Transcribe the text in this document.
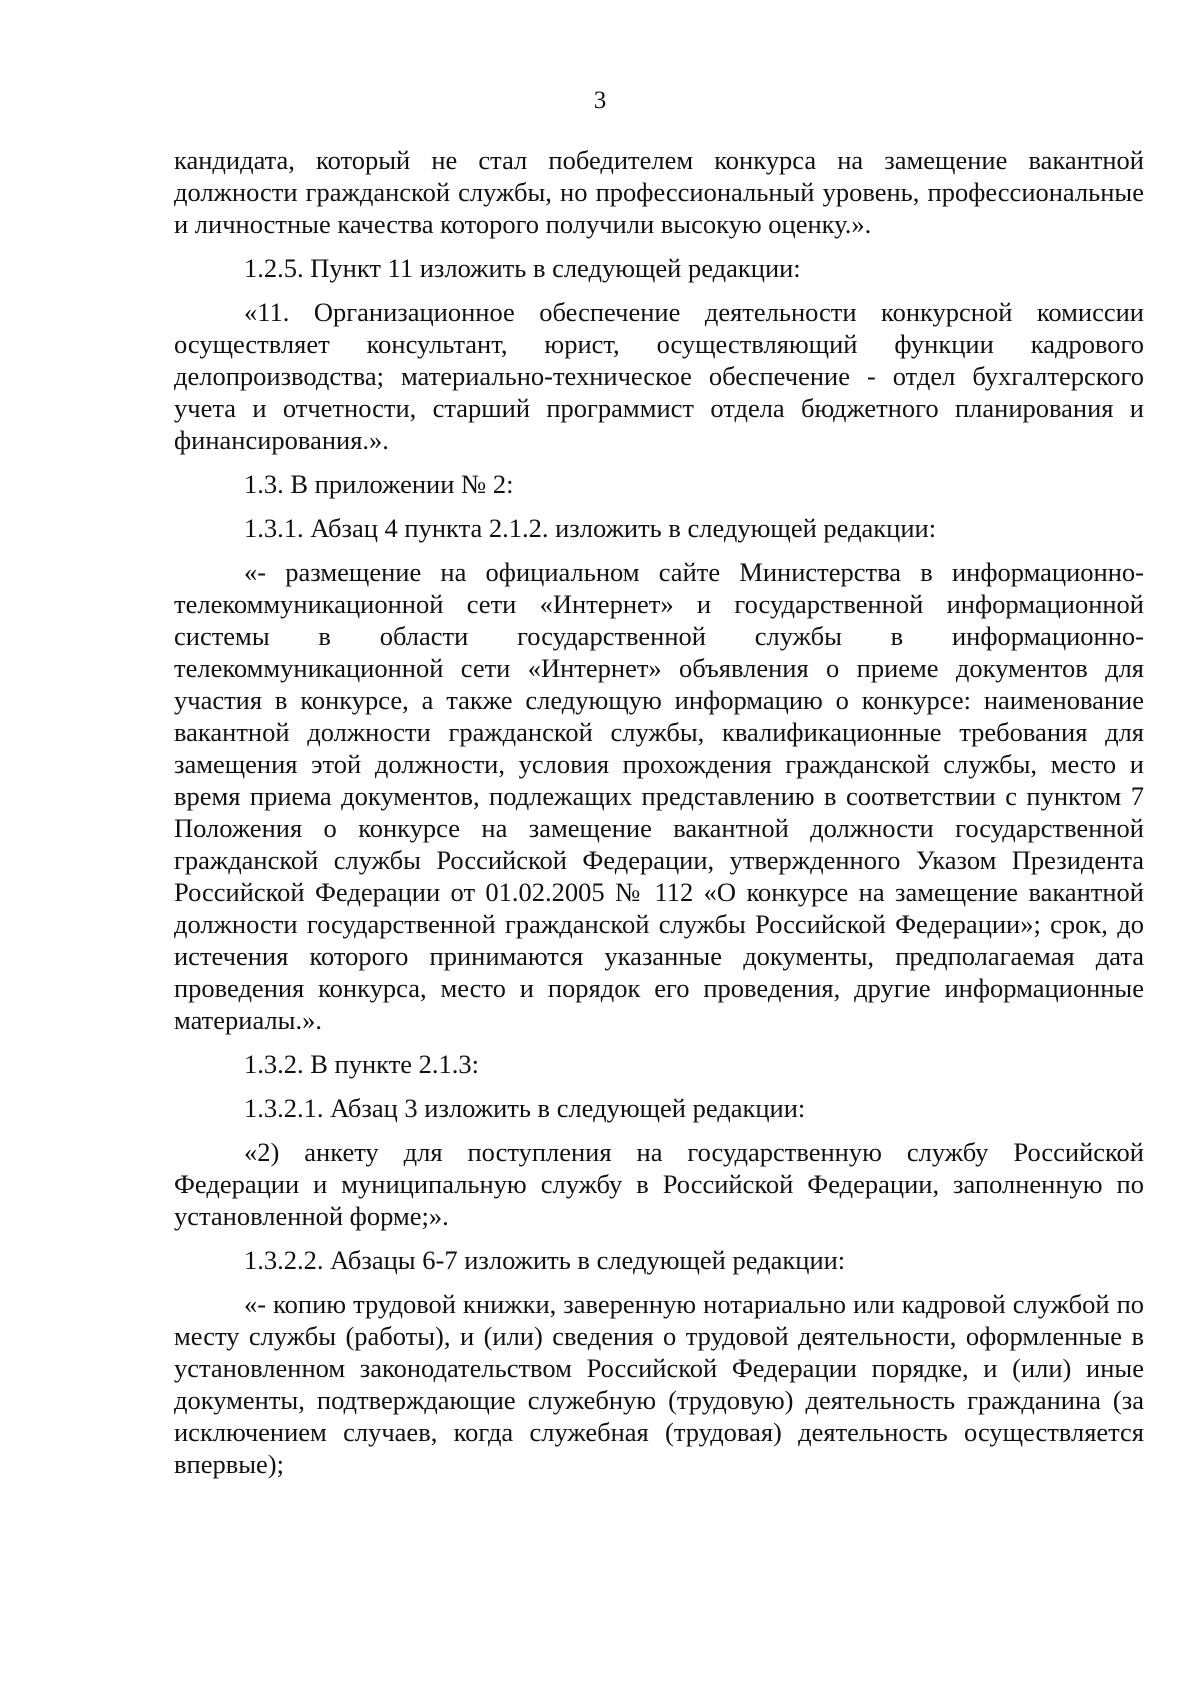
3

кандидата, который не стал победителем конкурса на замещение вакантной должности гражданской службы, но профессиональный уровень, профессиональные и личностные качества которого получили высокую оценку.».

1.2.5. Пункт 11 изложить в следующей редакции:

«11. Организационное обеспечение деятельности конкурсной комиссии осуществляет консультант, юрист, осуществляющий функции кадрового делопроизводства; материально-техническое обеспечение - отдел бухгалтерского учета и отчетности, старший программист отдела бюджетного планирования и финансирования.».

1.3. В приложении № 2:

1.3.1. Абзац 4 пункта 2.1.2. изложить в следующей редакции:

«- размещение на официальном сайте Министерства в информационно-телекоммуникационной сети «Интернет» и государственной информационной системы в области государственной службы в информационно-телекоммуникационной сети «Интернет» объявления о приеме документов для участия в конкурсе, а также следующую информацию о конкурсе: наименование вакантной должности гражданской службы, квалификационные требования для замещения этой должности, условия прохождения гражданской службы, место и время приема документов, подлежащих представлению в соответствии с пунктом 7 Положения о конкурсе на замещение вакантной должности государственной гражданской службы Российской Федерации, утвержденного Указом Президента Российской Федерации от 01.02.2005 № 112 «О конкурсе на замещение вакантной должности государственной гражданской службы Российской Федерации»; срок, до истечения которого принимаются указанные документы, предполагаемая дата проведения конкурса, место и порядок его проведения, другие информационные материалы.».

1.3.2. В пункте 2.1.3:

1.3.2.1. Абзац 3 изложить в следующей редакции:

«2) анкету для поступления на государственную службу Российской Федерации и муниципальную службу в Российской Федерации, заполненную по установленной форме;».

1.3.2.2. Абзацы 6-7 изложить в следующей редакции:

«- копию трудовой книжки, заверенную нотариально или кадровой службой по месту службы (работы), и (или) сведения о трудовой деятельности, оформленные в установленном законодательством Российской Федерации порядке, и (или) иные документы, подтверждающие служебную (трудовую) деятельность гражданина (за исключением случаев, когда служебная (трудовая) деятельность осуществляется впервые);
